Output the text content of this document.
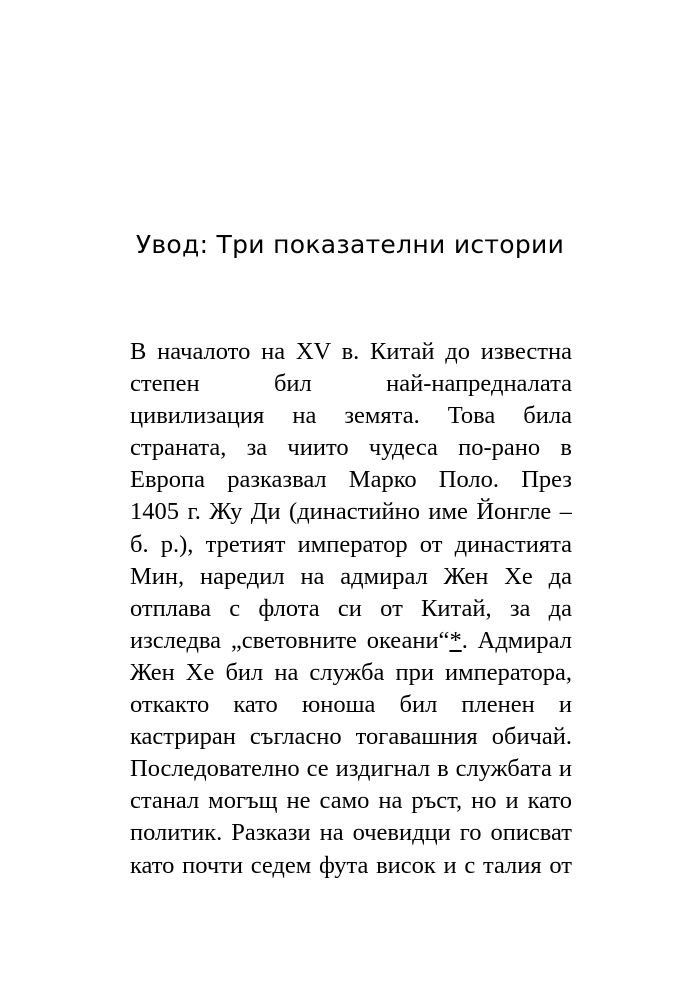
Увод: Три показателни истории
В началото на XV в. Китай до известна
степен бил най-напредналата
цивилизация на земята. Това била
страната, за чиито чудеса по-рано в
Европа разказвал Марко Поло. През
1405 г. Жу Ди (династийно име Йонгле –
б. р.), третият император от династията
Мин, наредил на адмирал Жен Хе да
отплава с флота си от Китай, за да
изследва „световните океани“*. Адмирал
Жен Хе бил на служба при императора,
откакто като юноша бил пленен и
кастриран съгласно тогавашния обичай.
Последователно се издигнал в службата и
станал могъщ не само на ръст, но и като
политик. Разкази на очевидци го описват
като почти седем фута висок и с талия от
